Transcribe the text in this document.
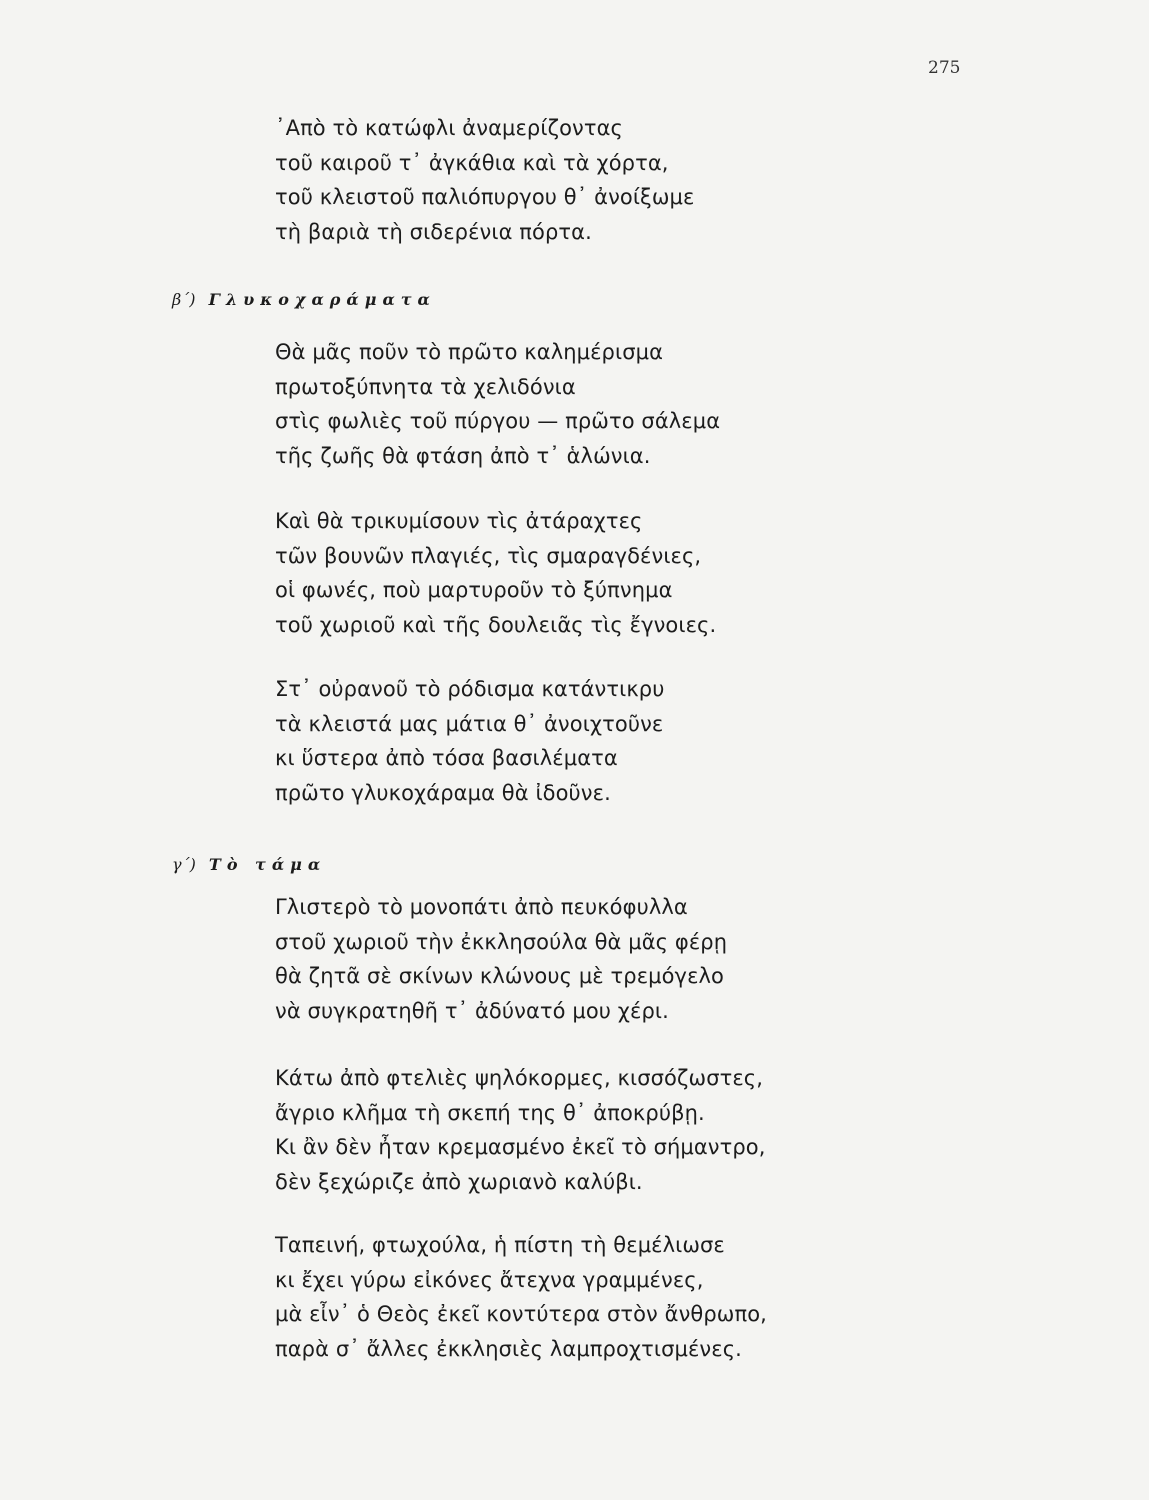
275
᾿Απὸ τὸ κατώφλι ἀναμερίζοντας
τοῦ καιροῦ τ᾿ ἀγκάθια καὶ τὰ χόρτα,
τοῦ κλειστοῦ παλιόπυργου θ᾿ ἀνοίξωμε
τὴ βαριὰ τὴ σιδερένια πόρτα.
β΄) Γλυκοχαράματα
Θὰ μᾶς ποῦν τὸ πρῶτο καλημέρισμα
πρωτοξύπνητα τὰ χελιδόνια
στὶς φωλιὲς τοῦ πύργου — πρῶτο σάλεμα
τῆς ζωῆς θὰ φτάση ἀπὸ τ᾿ ἁλώνια.
Καὶ θὰ τρικυμίσουν τὶς ἀτάραχτες
τῶν βουνῶν πλαγιές, τὶς σμαραγδένιες,
οἱ φωνές, ποὺ μαρτυροῦν τὸ ξύπνημα
τοῦ χωριοῦ καὶ τῆς δουλειᾶς τὶς ἔγνοιες.
Στ᾿ οὐρανοῦ τὸ ρόδισμα κατάντικρυ
τὰ κλειστά μας μάτια θ᾿ ἀνοιχτοῦνε
κι ὕστερα ἀπὸ τόσα βασιλέματα
πρῶτο γλυκοχάραμα θὰ ἰδοῦνε.
γ΄) Τὸ τάμα
Γλιστερὸ τὸ μονοπάτι ἀπὸ πευκόφυλλα
στοῦ χωριοῦ τὴν ἐκκλησούλα θὰ μᾶς φέρῃ
θὰ ζητᾶ σὲ σκίνων κλώνους μὲ τρεμόγελο
νὰ συγκρατηθῆ τ᾿ ἀδύνατό μου χέρι.
Κάτω ἀπὸ φτελιὲς ψηλόκορμες, κισσόζωστες,
ἄγριο κλῆμα τὴ σκεπή της θ᾿ ἀποκρύβῃ.
Κι ἂν δὲν ἦταν κρεμασμένο ἐκεῖ τὸ σήμαντρο,
δὲν ξεχώριζε ἀπὸ χωριανὸ καλύβι.
Ταπεινή, φτωχούλα, ἡ πίστη τὴ θεμέλιωσε
κι ἔχει γύρω εἰκόνες ἄτεχνα γραμμένες,
μὰ εἶν᾿ ὁ Θεὸς ἐκεῖ κοντύτερα στὸν ἄνθρωπο,
παρὰ σ᾿ ἄλλες ἐκκλησιὲς λαμπροχτισμένες.
